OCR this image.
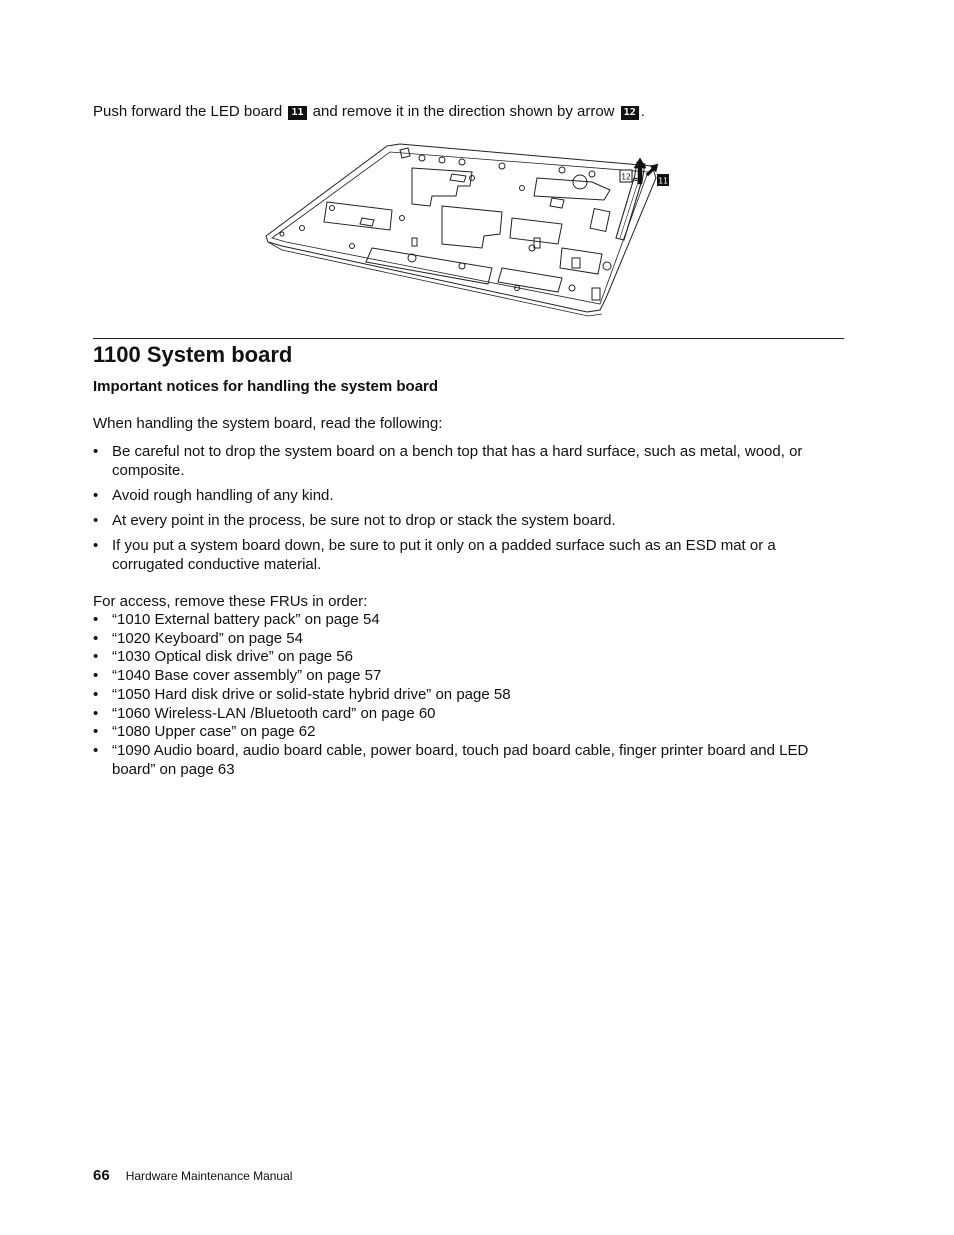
Push forward the LED board 11 and remove it in the direction shown by arrow 12 .

12	11
1100 System board
Important notices for handling the system board

When handling the system board, read the following:

• Be careful not to drop the system board on a bench top that has a hard surface, such as metal, wood, or composite.
• Avoid rough handling of any kind.
• At every point in the process, be sure not to drop or stack the system board.
• If you put a system board down, be sure to put it only on a padded surface such as an ESD mat or a corrugated conductive material.

For access, remove these FRUs in order:

• “1010 External battery pack” on page 54
• “1020 Keyboard” on page 54
• “1030 Optical disk drive” on page 56
• “1040 Base cover assembly” on page 57
• “1050 Hard disk drive or solid-state hybrid drive” on page 58
• “1060 Wireless-LAN /Bluetooth card” on page 60
• “1080 Upper case” on page 62
• “1090 Audio board, audio board cable, power board, touch pad board cable, finger printer board and LED board” on page 63
66 Hardware Maintenance Manual
